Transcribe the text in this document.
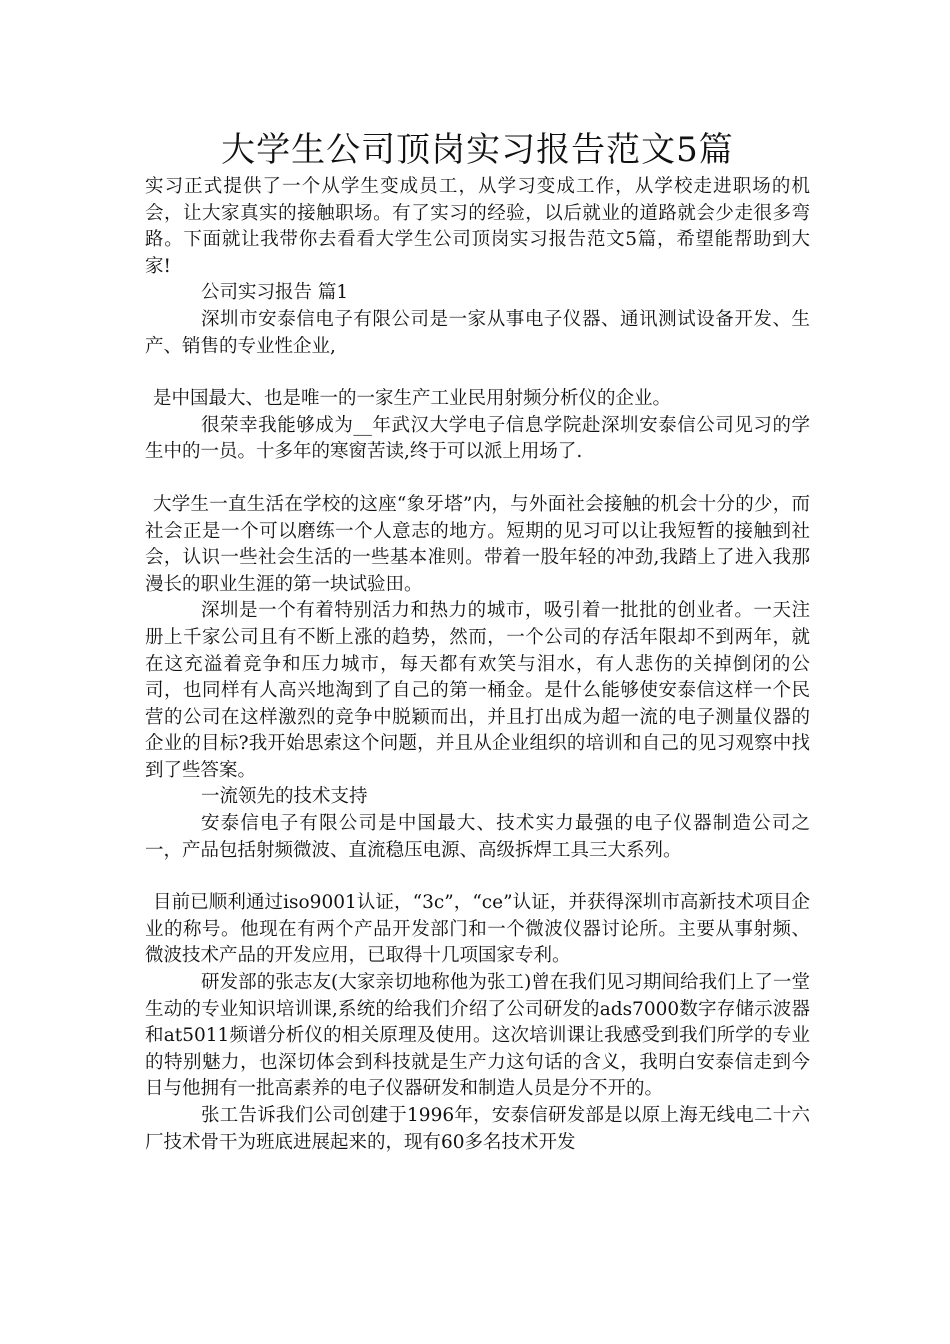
大学生公司顶岗实习报告范文5篇

实习正式提供了一个从学生变成员工，从学习变成工作，从学校走进职场的机会，让大家真实的接触职场。有了实习的经验，以后就业的道路就会少走很多弯路。下面就让我带你去看看大学生公司顶岗实习报告范文5篇，希望能帮助到大家!

公司实习报告 篇1

深圳市安泰信电子有限公司是一家从事电子仪器、通讯测试设备开发、生产、销售的专业性企业,

是中国最大、也是唯一的一家生产工业民用射频分析仪的企业。

很荣幸我能够成为__年武汉大学电子信息学院赴深圳安泰信公司见习的学生中的一员。十多年的寒窗苦读,终于可以派上用场了.

大学生一直生活在学校的这座“象牙塔”内，与外面社会接触的机会十分的少，而社会正是一个可以磨练一个人意志的地方。短期的见习可以让我短暂的接触到社会，认识一些社会生活的一些基本准则。带着一股年轻的冲劲,我踏上了进入我那漫长的职业生涯的第一块试验田。

深圳是一个有着特别活力和热力的城市，吸引着一批批的创业者。一天注册上千家公司且有不断上涨的趋势，然而，一个公司的存活年限却不到两年，就在这充溢着竞争和压力城市，每天都有欢笑与泪水，有人悲伤的关掉倒闭的公司，也同样有人高兴地淘到了自己的第一桶金。是什么能够使安泰信这样一个民营的公司在这样激烈的竞争中脱颖而出，并且打出成为超一流的电子测量仪器的企业的目标?我开始思索这个问题，并且从企业组织的培训和自己的见习观察中找到了些答案。

一流领先的技术支持

安泰信电子有限公司是中国最大、技术实力最强的电子仪器制造公司之一，产品包括射频微波、直流稳压电源、高级拆焊工具三大系列。

目前已顺利通过iso9001认证，“3c”，“ce”认证，并获得深圳市高新技术项目企业的称号。他现在有两个产品开发部门和一个微波仪器讨论所。主要从事射频、微波技术产品的开发应用，已取得十几项国家专利。

研发部的张志友(大家亲切地称他为张工)曾在我们见习期间给我们上了一堂生动的专业知识培训课,系统的给我们介绍了公司研发的ads7000数字存储示波器和at5011频谱分析仪的相关原理及使用。这次培训课让我感受到我们所学的专业的特别魅力，也深切体会到科技就是生产力这句话的含义，我明白安泰信走到今日与他拥有一批高素养的电子仪器研发和制造人员是分不开的。

张工告诉我们公司创建于1996年，安泰信研发部是以原上海无线电二十六厂技术骨干为班底进展起来的，现有60多名技术开发
